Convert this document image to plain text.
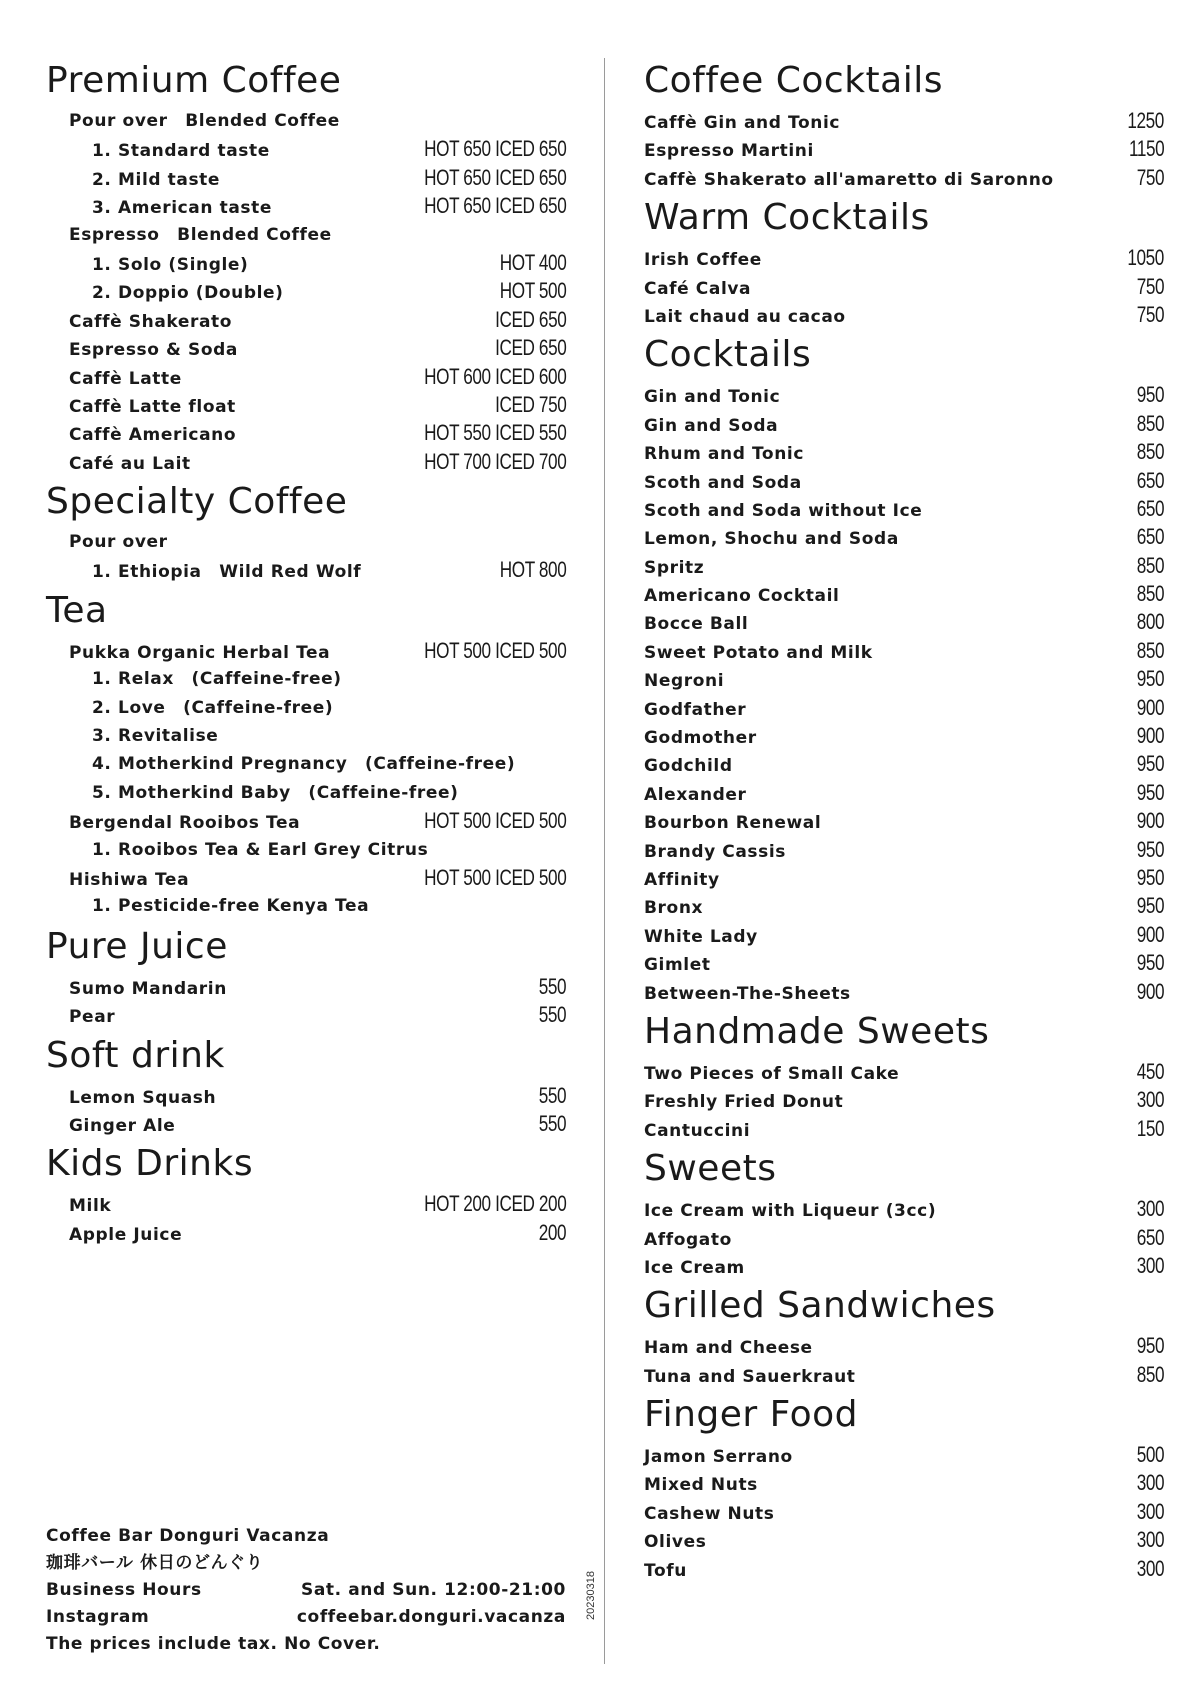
Premium Coffee
Pour over　Blended Coffee
1. Standard taste	HOT 650 ICED 650
2. Mild taste	HOT 650 ICED 650
3. American taste	HOT 650 ICED 650
Espresso　Blended Coffee
1. Solo (Single)	HOT 400
2. Doppio (Double)	HOT 500
Caffè Shakerato	ICED 650
Espresso & Soda	ICED 650
Caffè Latte	HOT 600 ICED 600
Caffè Latte float	ICED 750
Caffè Americano	HOT 550 ICED 550
Café au Lait	HOT 700 ICED 700
Specialty Coffee
Pour over
1. Ethiopia　Wild Red Wolf	HOT 800
Tea
Pukka Organic Herbal Tea	HOT 500 ICED 500
1. Relax　(Caffeine-free)
2. Love　(Caffeine-free)
3. Revitalise
4. Motherkind Pregnancy　(Caffeine-free)
5. Motherkind Baby　(Caffeine-free)
Bergendal Rooibos Tea	HOT 500 ICED 500
1. Rooibos Tea & Earl Grey Citrus
Hishiwa Tea	HOT 500 ICED 500
1. Pesticide-free Kenya Tea
Pure Juice
Sumo Mandarin	550
Pear	550
Soft drink
Lemon Squash	550
Ginger Ale	550
Kids Drinks
Milk	HOT 200 ICED 200
Apple Juice	200
Coffee Cocktails
Caffè Gin and Tonic	1250
Espresso Martini	1150
Caffè Shakerato all'amaretto di Saronno	750
Warm Cocktails
Irish Coffee	1050
Café Calva	750
Lait chaud au cacao	750
Cocktails
Gin and Tonic	950
Gin and Soda	850
Rhum and Tonic	850
Scoth and Soda	650
Scoth and Soda without Ice	650
Lemon, Shochu and Soda	650
Spritz	850
Americano Cocktail	850
Bocce Ball	800
Sweet Potato and Milk	850
Negroni	950
Godfather	900
Godmother	900
Godchild	950
Alexander	950
Bourbon Renewal	900
Brandy Cassis	950
Affinity	950
Bronx	950
White Lady	900
Gimlet	950
Between-The-Sheets	900
Handmade Sweets
Two Pieces of Small Cake	450
Freshly Fried Donut	300
Cantuccini	150
Sweets
Ice Cream with Liqueur (3cc)	300
Affogato	650
Ice Cream	300
Grilled Sandwiches
Ham and Cheese	950
Tuna and Sauerkraut	850
Finger Food
Jamon Serrano	500
Mixed Nuts	300
Cashew Nuts	300
Olives	300
Tofu	300
Coffee Bar Donguri Vacanza
珈琲バール 休日のどんぐり
Business Hours	Sat. and Sun. 12:00-21:00
Instagram	coffeebar.donguri.vacanza
The prices include tax. No Cover.
20230318
